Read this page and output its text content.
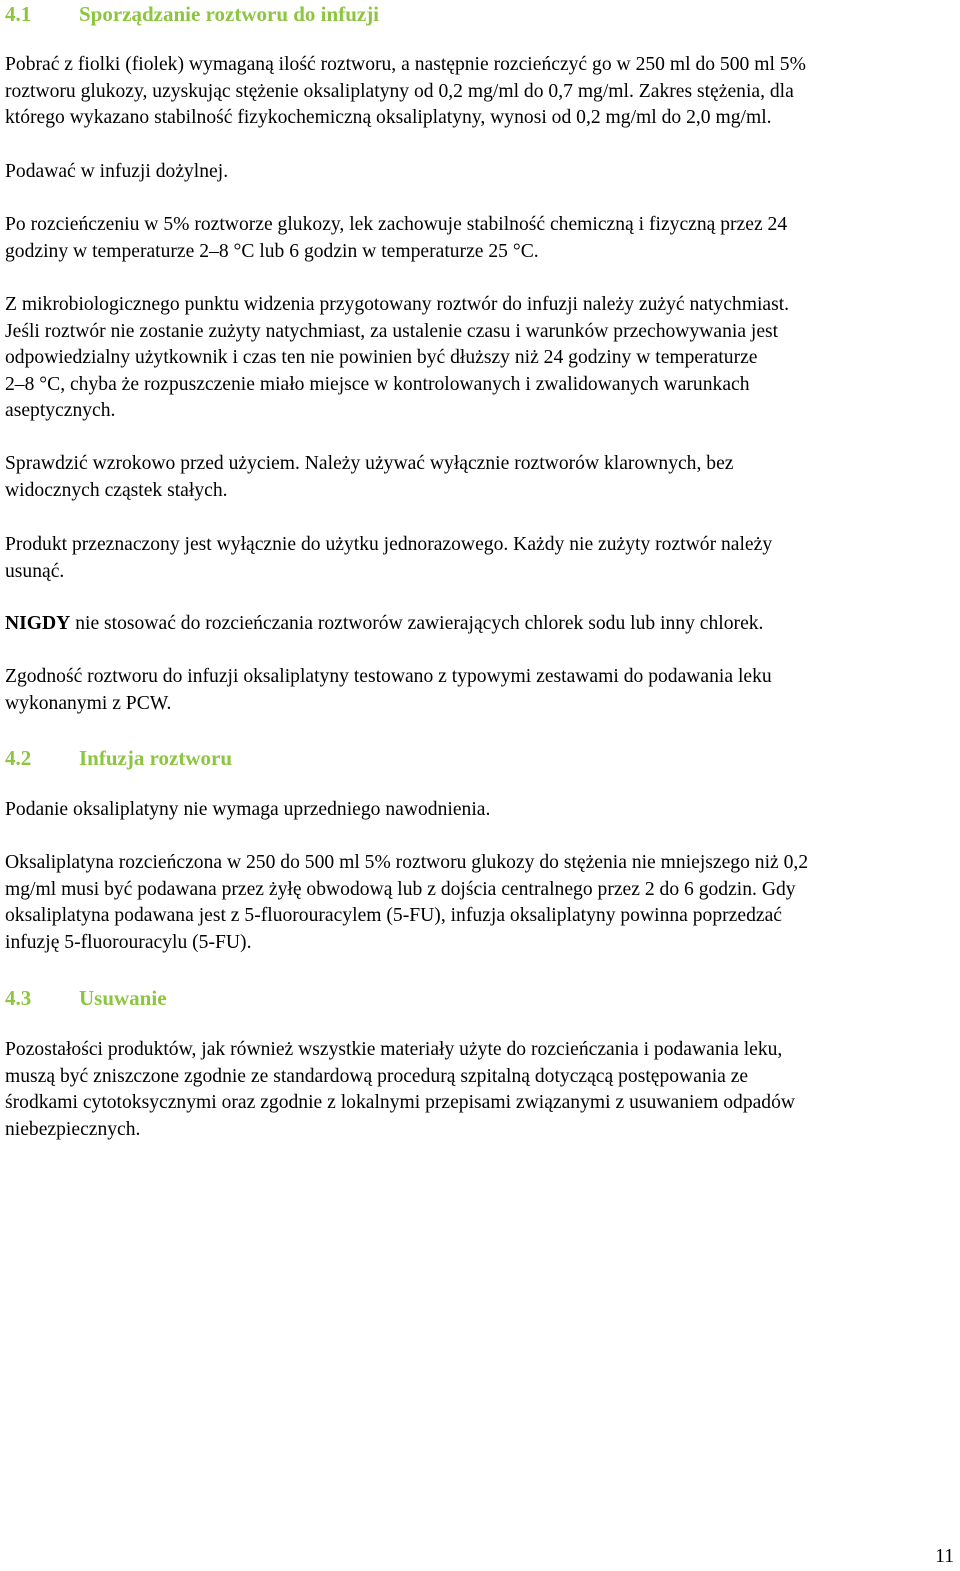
4.1 Sporządzanie roztworu do infuzji

Pobrać z fiolki (fiolek) wymaganą ilość roztworu, a następnie rozcieńczyć go w 250 ml do 500 ml 5%
roztworu glukozy, uzyskując stężenie oksaliplatyny od 0,2 mg/ml do 0,7 mg/ml. Zakres stężenia, dla
którego wykazano stabilność fizykochemiczną oksaliplatyny, wynosi od 0,2 mg/ml do 2,0 mg/ml.

Podawać w infuzji dożylnej.

Po rozcieńczeniu w 5% roztworze glukozy, lek zachowuje stabilność chemiczną i fizyczną przez 24
godziny w temperaturze 2–8 °C lub 6 godzin w temperaturze 25 °C.

Z mikrobiologicznego punktu widzenia przygotowany roztwór do infuzji należy zużyć natychmiast.
Jeśli roztwór nie zostanie zużyty natychmiast, za ustalenie czasu i warunków przechowywania jest
odpowiedzialny użytkownik i czas ten nie powinien być dłuższy niż 24 godziny w temperaturze
2–8 °C, chyba że rozpuszczenie miało miejsce w kontrolowanych i zwalidowanych warunkach
aseptycznych.

Sprawdzić wzrokowo przed użyciem. Należy używać wyłącznie roztworów klarownych, bez
widocznych cząstek stałych.

Produkt przeznaczony jest wyłącznie do użytku jednorazowego. Każdy nie zużyty roztwór należy
usunąć.

NIGDY nie stosować do rozcieńczania roztworów zawierających chlorek sodu lub inny chlorek.

Zgodność roztworu do infuzji oksaliplatyny testowano z typowymi zestawami do podawania leku
wykonanymi z PCW.

4.2 Infuzja roztworu

Podanie oksaliplatyny nie wymaga uprzedniego nawodnienia.

Oksaliplatyna rozcieńczona w 250 do 500 ml 5% roztworu glukozy do stężenia nie mniejszego niż 0,2
mg/ml musi być podawana przez żyłę obwodową lub z dojścia centralnego przez 2 do 6 godzin. Gdy
oksaliplatyna podawana jest z 5-fluorouracylem (5-FU), infuzja oksaliplatyny powinna poprzedzać
infuzję 5-fluorouracylu (5-FU).

4.3 Usuwanie

Pozostałości produktów, jak również wszystkie materiały użyte do rozcieńczania i podawania leku,
muszą być zniszczone zgodnie ze standardową procedurą szpitalną dotyczącą postępowania ze
środkami cytotoksycznymi oraz zgodnie z lokalnymi przepisami związanymi z usuwaniem odpadów
niebezpiecznych.

11
